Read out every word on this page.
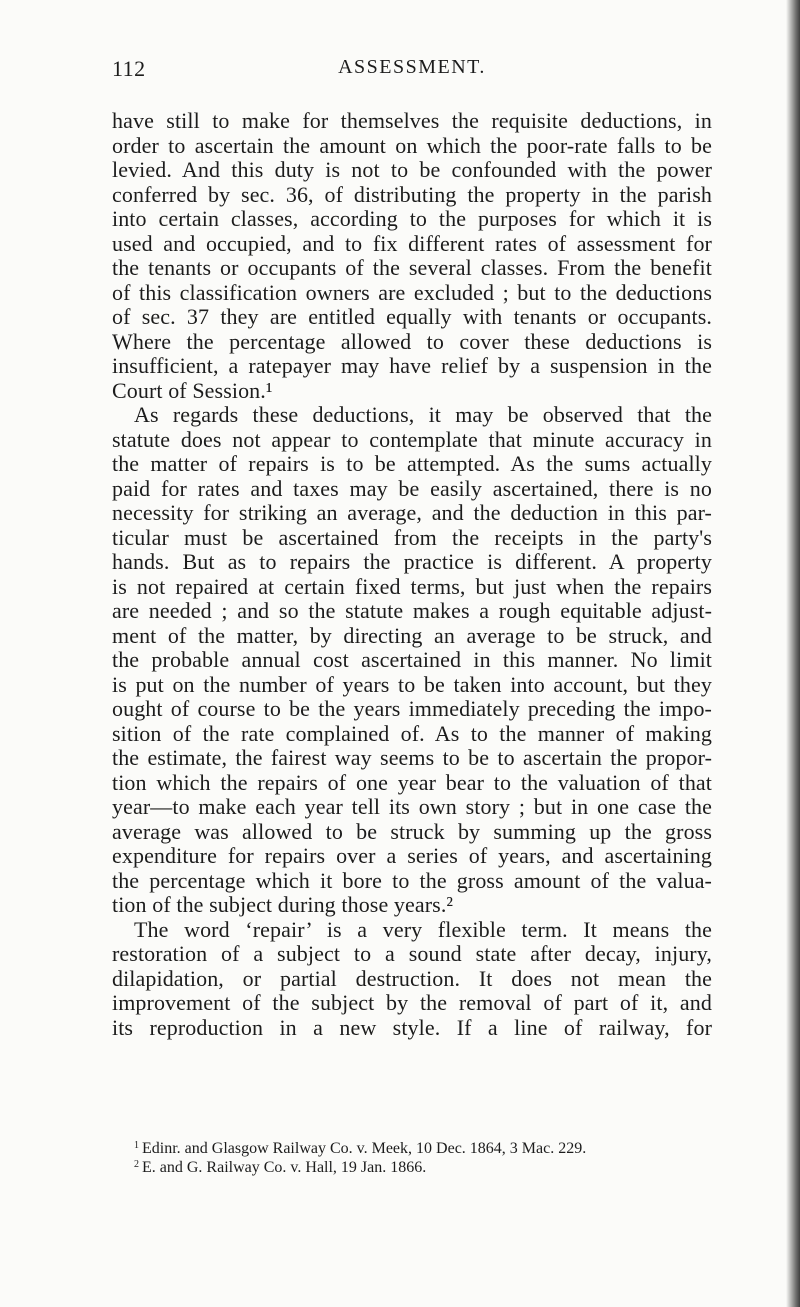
112	ASSESSMENT.
have still to make for themselves the requisite deductions, in
order to ascertain the amount on which the poor-rate falls to be
levied. And this duty is not to be confounded with the power
conferred by sec. 36, of distributing the property in the parish
into certain classes, according to the purposes for which it is
used and occupied, and to fix different rates of assessment for
the tenants or occupants of the several classes. From the benefit
of this classification owners are excluded ; but to the deductions
of sec. 37 they are entitled equally with tenants or occupants.
Where the percentage allowed to cover these deductions is
insufficient, a ratepayer may have relief by a suspension in the
Court of Session.¹
As regards these deductions, it may be observed that the
statute does not appear to contemplate that minute accuracy in
the matter of repairs is to be attempted. As the sums actually
paid for rates and taxes may be easily ascertained, there is no
necessity for striking an average, and the deduction in this par-
ticular must be ascertained from the receipts in the party's
hands. But as to repairs the practice is different. A property
is not repaired at certain fixed terms, but just when the repairs
are needed ; and so the statute makes a rough equitable adjust-
ment of the matter, by directing an average to be struck, and
the probable annual cost ascertained in this manner. No limit
is put on the number of years to be taken into account, but they
ought of course to be the years immediately preceding the impo-
sition of the rate complained of. As to the manner of making
the estimate, the fairest way seems to be to ascertain the propor-
tion which the repairs of one year bear to the valuation of that
year—to make each year tell its own story ; but in one case the
average was allowed to be struck by summing up the gross
expenditure for repairs over a series of years, and ascertaining
the percentage which it bore to the gross amount of the valua-
tion of the subject during those years.²
The word ‘repair’ is a very flexible term. It means the
restoration of a subject to a sound state after decay, injury,
dilapidation, or partial destruction. It does not mean the
improvement of the subject by the removal of part of it, and
its reproduction in a new style. If a line of railway, for
$^1$ Edinr. and Glasgow Railway Co. v. Meek, 10 Dec. 1864, 3 Mac. 229.
$^2$ E. and G. Railway Co. v. Hall, 19 Jan. 1866.
